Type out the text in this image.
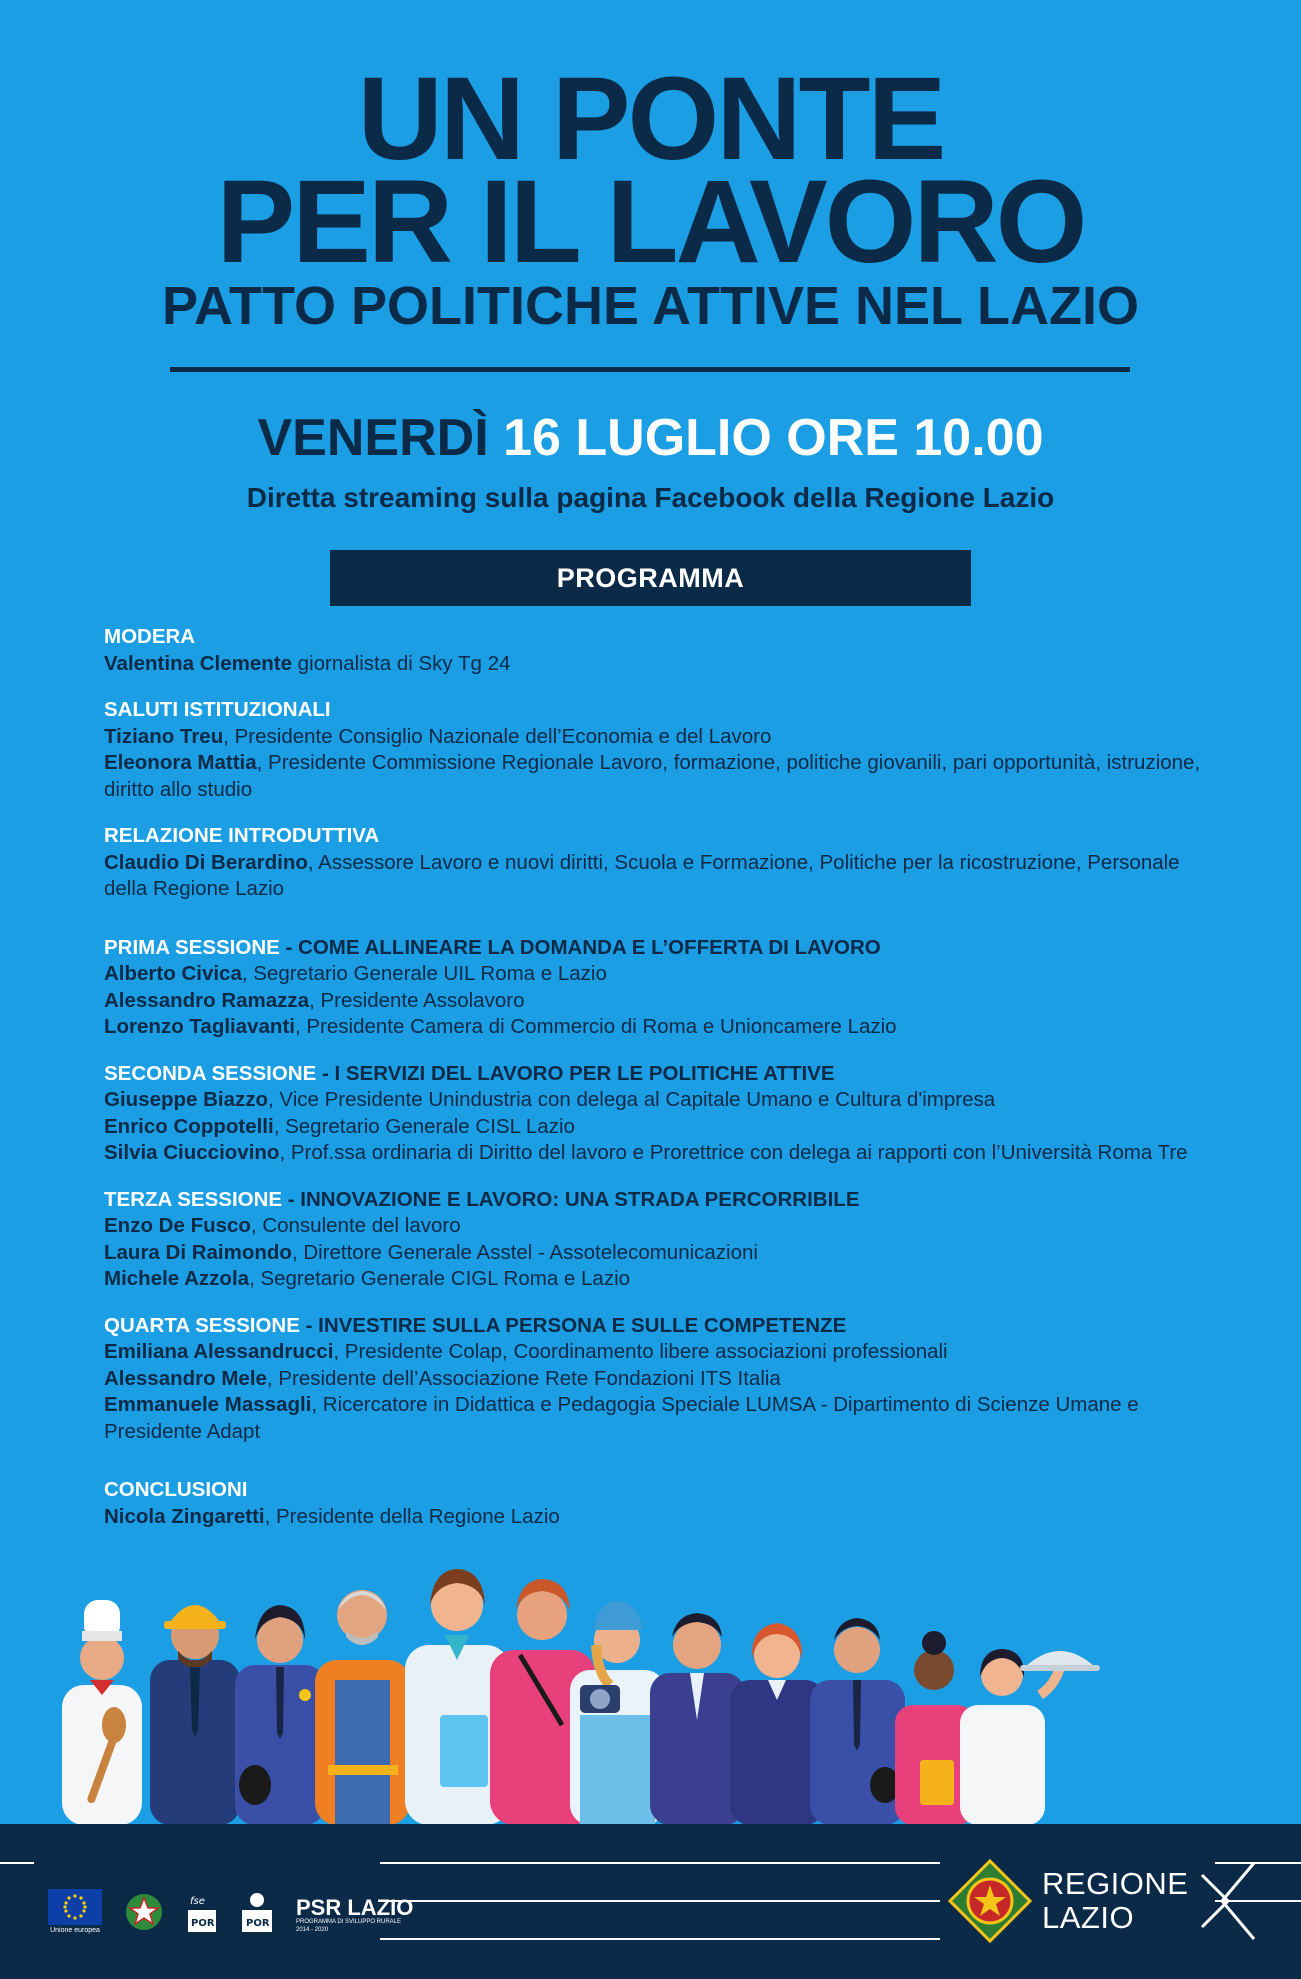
UN PONTE
PER IL LAVORO
PATTO POLITICHE ATTIVE NEL LAZIO
VENERDÌ 16 LUGLIO ORE 10.00
Diretta streaming sulla pagina Facebook della Regione Lazio
PROGRAMMA
MODERA
Valentina Clemente giornalista di Sky Tg 24
SALUTI ISTITUZIONALI
Tiziano Treu, Presidente Consiglio Nazionale dell’Economia e del Lavoro
Eleonora Mattia, Presidente Commissione Regionale Lavoro, formazione, politiche giovanili, pari opportunità, istruzione, diritto allo studio
RELAZIONE INTRODUTTIVA
Claudio Di Berardino, Assessore Lavoro e nuovi diritti, Scuola e Formazione, Politiche per la ricostruzione, Personale della Regione Lazio
PRIMA SESSIONE - COME ALLINEARE LA DOMANDA E L’OFFERTA DI LAVORO
Alberto Civica, Segretario Generale UIL Roma e Lazio
Alessandro Ramazza, Presidente Assolavoro
Lorenzo Tagliavanti, Presidente Camera di Commercio di Roma e Unioncamere Lazio
SECONDA SESSIONE - I SERVIZI DEL LAVORO PER LE POLITICHE ATTIVE
Giuseppe Biazzo, Vice Presidente Unindustria con delega al Capitale Umano e Cultura d'impresa
Enrico Coppotelli, Segretario Generale CISL Lazio
Silvia Ciucciovino, Prof.ssa ordinaria di Diritto del lavoro e Prorettrice con delega ai rapporti con l’Università Roma Tre
TERZA SESSIONE - INNOVAZIONE E LAVORO: UNA STRADA PERCORRIBILE
Enzo De Fusco, Consulente del lavoro
Laura Di Raimondo, Direttore Generale Asstel - Assotelecomunicazioni
Michele Azzola, Segretario Generale CIGL Roma e Lazio
QUARTA SESSIONE - INVESTIRE SULLA PERSONA E SULLE COMPETENZE
Emiliana Alessandrucci, Presidente Colap, Coordinamento libere associazioni professionali
Alessandro Mele, Presidente dell’Associazione Rete Fondazioni ITS Italia
Emmanuele Massagli, Ricercatore in Didattica e Pedagogia Speciale LUMSA - Dipartimento di Scienze Umane e Presidente Adapt
CONCLUSIONI
Nicola Zingaretti, Presidente della Regione Lazio
Unione europea
fse
POR	POR
PSR LAZIO
PROGRAMMA DI SVILUPPO RURALE
2014 - 2020
REGIONE
LAZIO
